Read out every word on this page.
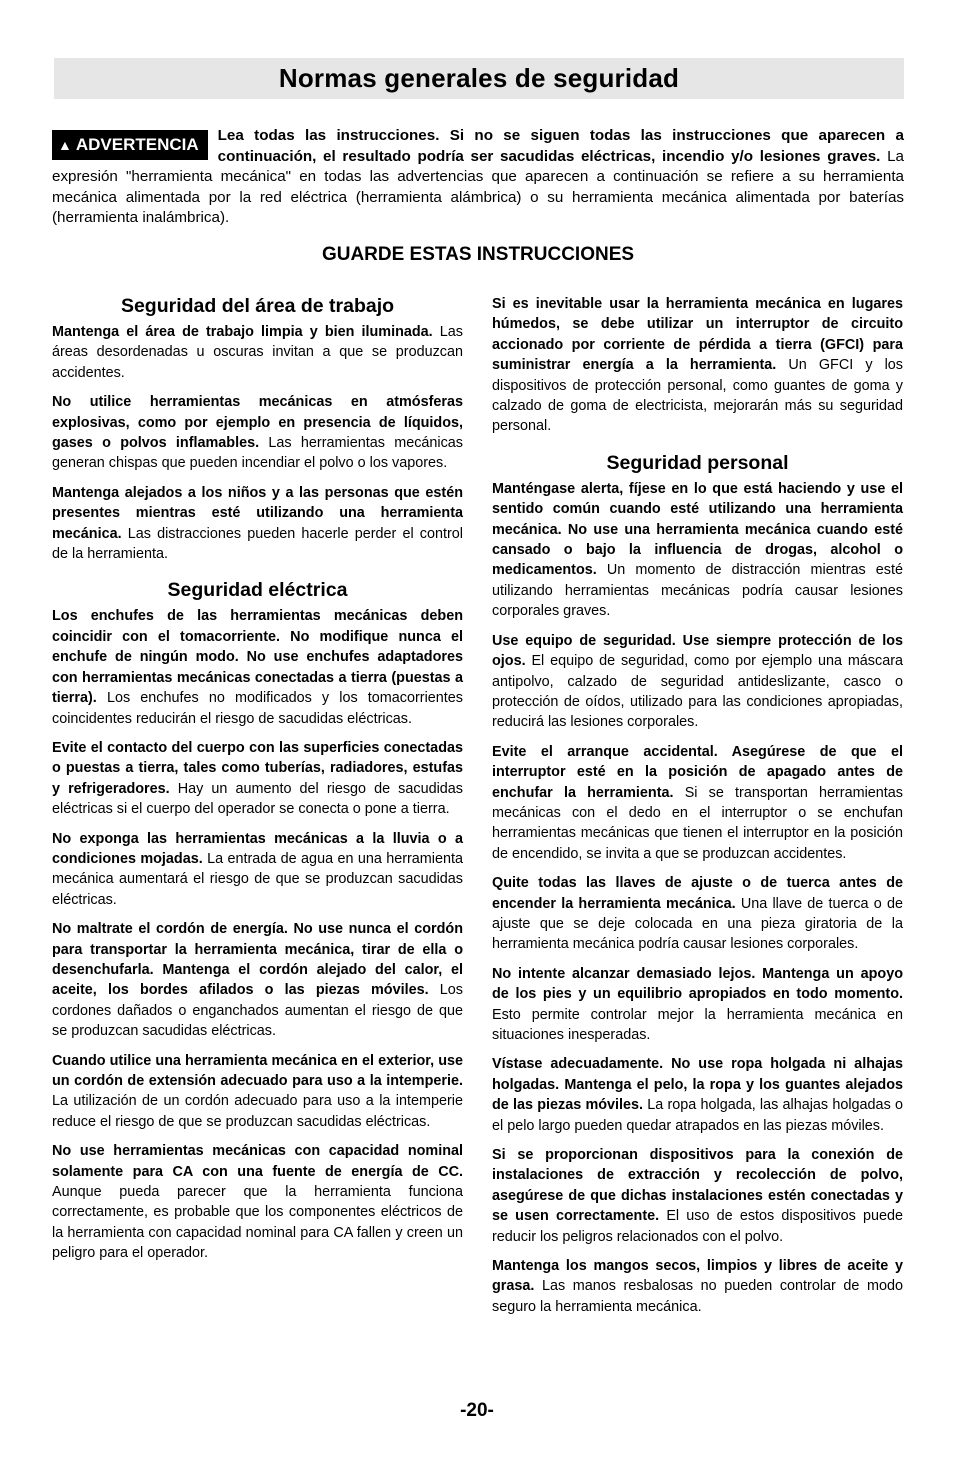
Normas generales de seguridad
▲ ADVERTENCIA	Lea todas las instrucciones. Si no se siguen todas las instrucciones que aparecen a continuación, el resultado podría ser sacudidas eléctricas, incendio y/o lesiones graves. La expresión "herramienta mecánica" en todas las advertencias que aparecen a continuación se refiere a su herramienta mecánica alimentada por la red eléctrica (herramienta alámbrica) o su herramienta mecánica alimentada por baterías (herramienta inalámbrica).

GUARDE ESTAS INSTRUCCIONES
Seguridad del área de trabajo

Mantenga el área de trabajo limpia y bien iluminada. Las áreas desordenadas u oscuras invitan a que se produzcan accidentes.

No utilice herramientas mecánicas en atmósferas explosivas, como por ejemplo en presencia de líquidos, gases o polvos inflamables. Las herramientas mecánicas generan chispas que pueden incendiar el polvo o los vapores.

Mantenga alejados a los niños y a las personas que estén presentes mientras esté utilizando una herramienta mecánica. Las distracciones pueden hacerle perder el control de la herramienta.

Seguridad eléctrica

Los enchufes de las herramientas mecánicas deben coincidir con el tomacorriente. No modifique nunca el enchufe de ningún modo. No use enchufes adaptadores con herramientas mecánicas conectadas a tierra (puestas a tierra). Los enchufes no modificados y los tomacorrientes coincidentes reducirán el riesgo de sacudidas eléctricas.

Evite el contacto del cuerpo con las superficies conectadas o puestas a tierra, tales como tuberías, radiadores, estufas y refrigeradores. Hay un aumento del riesgo de sacudidas eléctricas si el cuerpo del operador se conecta o pone a tierra.

No exponga las herramientas mecánicas a la lluvia o a condiciones mojadas. La entrada de agua en una herramienta mecánica aumentará el riesgo de que se produzcan sacudidas eléctricas.

No maltrate el cordón de energía. No use nunca el cordón para transportar la herramienta mecánica, tirar de ella o desenchufarla. Mantenga el cordón alejado del calor, el aceite, los bordes afilados o las piezas móviles. Los cordones dañados o enganchados aumentan el riesgo de que se produzcan sacudidas eléctricas.

Cuando utilice una herramienta mecánica en el exterior, use un cordón de extensión adecuado para uso a la intemperie. La utilización de un cordón adecuado para uso a la intemperie reduce el riesgo de que se produzcan sacudidas eléctricas.

No use herramientas mecánicas con capacidad nominal solamente para CA con una fuente de energía de CC. Aunque pueda parecer que la herramienta funciona correctamente, es probable que los componentes eléctricos de la herramienta con capacidad nominal para CA fallen y creen un peligro para el operador.

Si es inevitable usar la herramienta mecánica en lugares húmedos, se debe utilizar un interruptor de circuito accionado por corriente de pérdida a tierra (GFCI) para suministrar energía a la herramienta. Un GFCI y los dispositivos de protección personal, como guantes de goma y calzado de goma de electricista, mejorarán más su seguridad personal.

Seguridad personal

Manténgase alerta, fíjese en lo que está haciendo y use el sentido común cuando esté utilizando una herramienta mecánica. No use una herramienta mecánica cuando esté cansado o bajo la influencia de drogas, alcohol o medicamentos. Un momento de distracción mientras esté utilizando herramientas mecánicas podría causar lesiones corporales graves.

Use equipo de seguridad. Use siempre protección de los ojos. El equipo de seguridad, como por ejemplo una máscara antipolvo, calzado de seguridad antideslizante, casco o protección de oídos, utilizado para las condiciones apropiadas, reducirá las lesiones corporales.

Evite el arranque accidental. Asegúrese de que el interruptor esté en la posición de apagado antes de enchufar la herramienta. Si se transportan herramientas mecánicas con el dedo en el interruptor o se enchufan herramientas mecánicas que tienen el interruptor en la posición de encendido, se invita a que se produzcan accidentes.

Quite todas las llaves de ajuste o de tuerca antes de encender la herramienta mecánica. Una llave de tuerca o de ajuste que se deje colocada en una pieza giratoria de la herramienta mecánica podría causar lesiones corporales.

No intente alcanzar demasiado lejos. Mantenga un apoyo de los pies y un equilibrio apropiados en todo momento. Esto permite controlar mejor la herramienta mecánica en situaciones inesperadas.

Vístase adecuadamente. No use ropa holgada ni alhajas holgadas. Mantenga el pelo, la ropa y los guantes alejados de las piezas móviles. La ropa holgada, las alhajas holgadas o el pelo largo pueden quedar atrapados en las piezas móviles.

Si se proporcionan dispositivos para la conexión de instalaciones de extracción y recolección de polvo, asegúrese de que dichas instalaciones estén conectadas y se usen correctamente. El uso de estos dispositivos puede reducir los peligros relacionados con el polvo.

Mantenga los mangos secos, limpios y libres de aceite y grasa. Las manos resbalosas no pueden controlar de modo seguro la herramienta mecánica.

-20-
